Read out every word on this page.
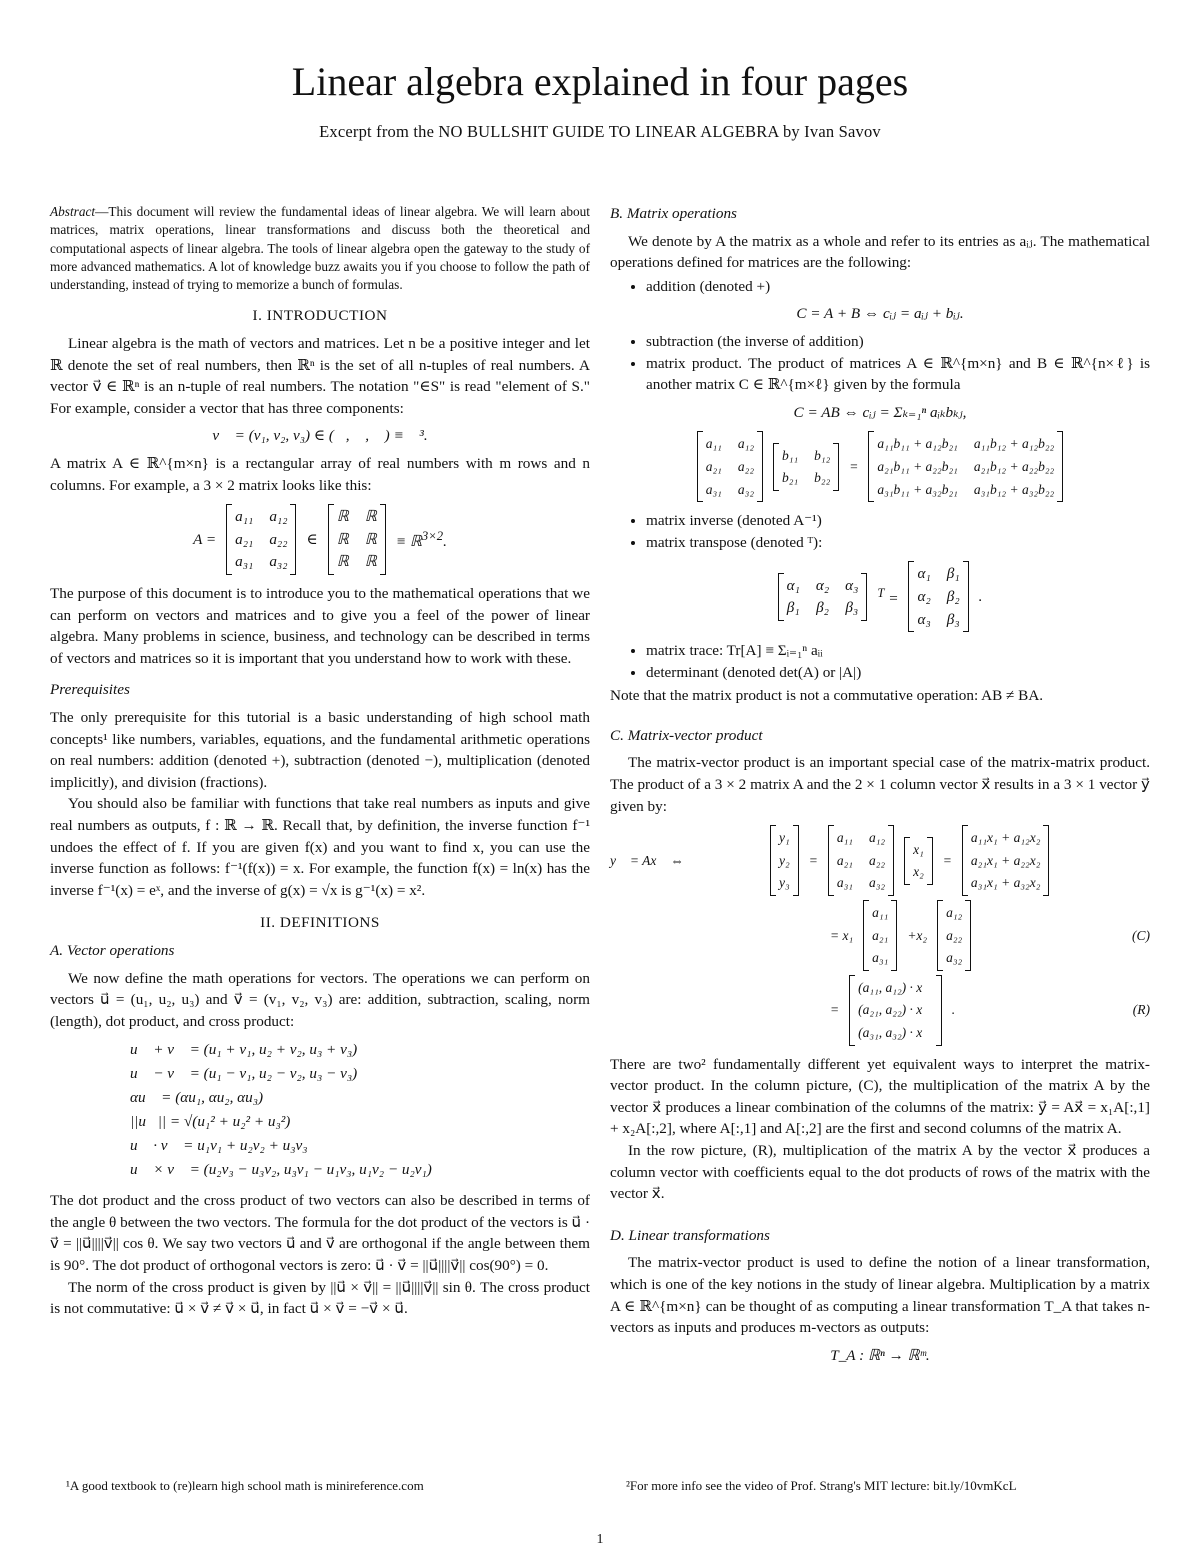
Linear algebra explained in four pages
Excerpt from the NO BULLSHIT GUIDE TO LINEAR ALGEBRA by Ivan Savov

Abstract—This document will review the fundamental ideas of linear algebra. We will learn about matrices, matrix operations, linear transformations and discuss both the theoretical and computational aspects of linear algebra. The tools of linear algebra open the gateway to the study of more advanced mathematics. A lot of knowledge buzz awaits you if you choose to follow the path of understanding, instead of trying to memorize a bunch of formulas.

I. INTRODUCTION

Linear algebra is the math of vectors and matrices. Let n be a positive integer and let ℝ denote the set of real numbers, then ℝⁿ is the set of all n-tuples of real numbers. A vector v⃗ ∈ ℝⁿ is an n-tuple of real numbers. The notation "∈S" is read "element of S." For example, consider a vector that has three components:

v⃗ = (v₁, v₂, v₃) ∈ (ℝ, ℝ, ℝ) ≡ ℝ³.

A matrix A ∈ ℝ^{m×n} is a rectangular array of real numbers with m rows and n columns. For example, a 3 × 2 matrix looks like this:

A =
a₁₁ a₁₂
a₂₁ a₂₂
a₃₁ a₃₂
∈
ℝ ℝ
ℝ ℝ
ℝ ℝ
≡ ℝ$^{3\times 2}$.

The purpose of this document is to introduce you to the mathematical operations that we can perform on vectors and matrices and to give you a feel of the power of linear algebra. Many problems in science, business, and technology can be described in terms of vectors and matrices so it is important that you understand how to work with these.

Prerequisites

The only prerequisite for this tutorial is a basic understanding of high school math concepts¹ like numbers, variables, equations, and the fundamental arithmetic operations on real numbers: addition (denoted +), subtraction (denoted −), multiplication (denoted implicitly), and division (fractions).

You should also be familiar with functions that take real numbers as inputs and give real numbers as outputs, f : ℝ → ℝ. Recall that, by definition, the inverse function f⁻¹ undoes the effect of f. If you are given f(x) and you want to find x, you can use the inverse function as follows: f⁻¹(f(x)) = x. For example, the function f(x) = ln(x) has the inverse f⁻¹(x) = eˣ, and the inverse of g(x) = √x is g⁻¹(x) = x².

II. DEFINITIONS
A. Vector operations

We now define the math operations for vectors. The operations we can perform on vectors u⃗ = (u₁, u₂, u₃) and v⃗ = (v₁, v₂, v₃) are: addition, subtraction, scaling, norm (length), dot product, and cross product:

u⃗ + v⃗ = (u₁ + v₁, u₂ + v₂, u₃ + v₃)
u⃗ − v⃗ = (u₁ − v₁, u₂ − v₂, u₃ − v₃)
αu⃗ = (αu₁, αu₂, αu₃)
||u⃗|| = √(u₁² + u₂² + u₃²)
u⃗ · v⃗ = u₁v₁ + u₂v₂ + u₃v₃
u⃗ × v⃗ = (u₂v₃ − u₃v₂, u₃v₁ − u₁v₃, u₁v₂ − u₂v₁)

The dot product and the cross product of two vectors can also be described in terms of the angle θ between the two vectors. The formula for the dot product of the vectors is u⃗ · v⃗ = ||u⃗||||v⃗|| cos θ. We say two vectors u⃗ and v⃗ are orthogonal if the angle between them is 90°. The dot product of orthogonal vectors is zero: u⃗ · v⃗ = ||u⃗||||v⃗|| cos(90°) = 0.

The norm of the cross product is given by ||u⃗ × v⃗|| = ||u⃗||||v⃗|| sin θ. The cross product is not commutative: u⃗ × v⃗ ≠ v⃗ × u⃗, in fact u⃗ × v⃗ = −v⃗ × u⃗.

B. Matrix operations

We denote by A the matrix as a whole and refer to its entries as aᵢⱼ. The mathematical operations defined for matrices are the following:

• addition (denoted +)
C = A + B ⇔ cᵢⱼ = aᵢⱼ + bᵢⱼ.
• subtraction (the inverse of addition)
• matrix product. The product of matrices A ∈ ℝ^{m×n} and B ∈ ℝ^{n×ℓ} is another matrix C ∈ ℝ^{m×ℓ} given by the formula
C = AB ⇔ cᵢⱼ = Σₖ₌₁ⁿ aᵢₖbₖⱼ,
a₁₁ a₁₂
a₂₁ a₂₂
a₃₁ a₃₂
b₁₁ b₁₂
b₂₁ b₂₂
=
a₁₁b₁₁ + a₁₂b₂₁ a₁₁b₁₂ + a₁₂b₂₂
a₂₁b₁₁ + a₂₂b₂₁ a₂₁b₁₂ + a₂₂b₂₂
a₃₁b₁₁ + a₃₂b₂₁ a₃₁b₁₂ + a₃₂b₂₂
• matrix inverse (denoted A⁻¹)
• matrix transpose (denoted ᵀ):
α₁ α₂ α₃
β₁ β₂ β₃
$^T$ =
α₁ β₁
α₂ β₂
α₃ β₃
.
• matrix trace: Tr[A] ≡ Σᵢ₌₁ⁿ aᵢᵢ
• determinant (denoted det(A) or |A|)

Note that the matrix product is not a commutative operation: AB ≠ BA.

C. Matrix-vector product

The matrix-vector product is an important special case of the matrix-matrix product. The product of a 3 × 2 matrix A and the 2 × 1 column vector x⃗ results in a 3 × 1 vector y⃗ given by:

y⃗ = Ax⃗ ⇔
y₁
y₂
y₃
=
a₁₁ a₁₂
a₂₁ a₂₂
a₃₁ a₃₂
x₁
x₂
=
a₁₁x₁ + a₁₂x₂
a₂₁x₁ + a₂₂x₂
a₃₁x₁ + a₃₂x₂
= x₁
a₁₁
a₂₁
a₃₁
+x₂
a₁₂
a₂₂
a₃₂
(C)
=
(a₁₁, a₁₂) · x⃗
(a₂₁, a₂₂) · x⃗
(a₃₁, a₃₂) · x⃗
.	(R)

There are two² fundamentally different yet equivalent ways to interpret the matrix-vector product. In the column picture, (C), the multiplication of the matrix A by the vector x⃗ produces a linear combination of the columns of the matrix: y⃗ = Ax⃗ = x₁A[:,1] + x₂A[:,2], where A[:,1] and A[:,2] are the first and second columns of the matrix A.

In the row picture, (R), multiplication of the matrix A by the vector x⃗ produces a column vector with coefficients equal to the dot products of rows of the matrix with the vector x⃗.

D. Linear transformations

The matrix-vector product is used to define the notion of a linear transformation, which is one of the key notions in the study of linear algebra. Multiplication by a matrix A ∈ ℝ^{m×n} can be thought of as computing a linear transformation T_A that takes n-vectors as inputs and produces m-vectors as outputs:

T_A : ℝⁿ → ℝᵐ.
¹A good textbook to (re)learn high school math is minireference.com	²For more info see the video of Prof. Strang's MIT lecture: bit.ly/10vmKcL
1
